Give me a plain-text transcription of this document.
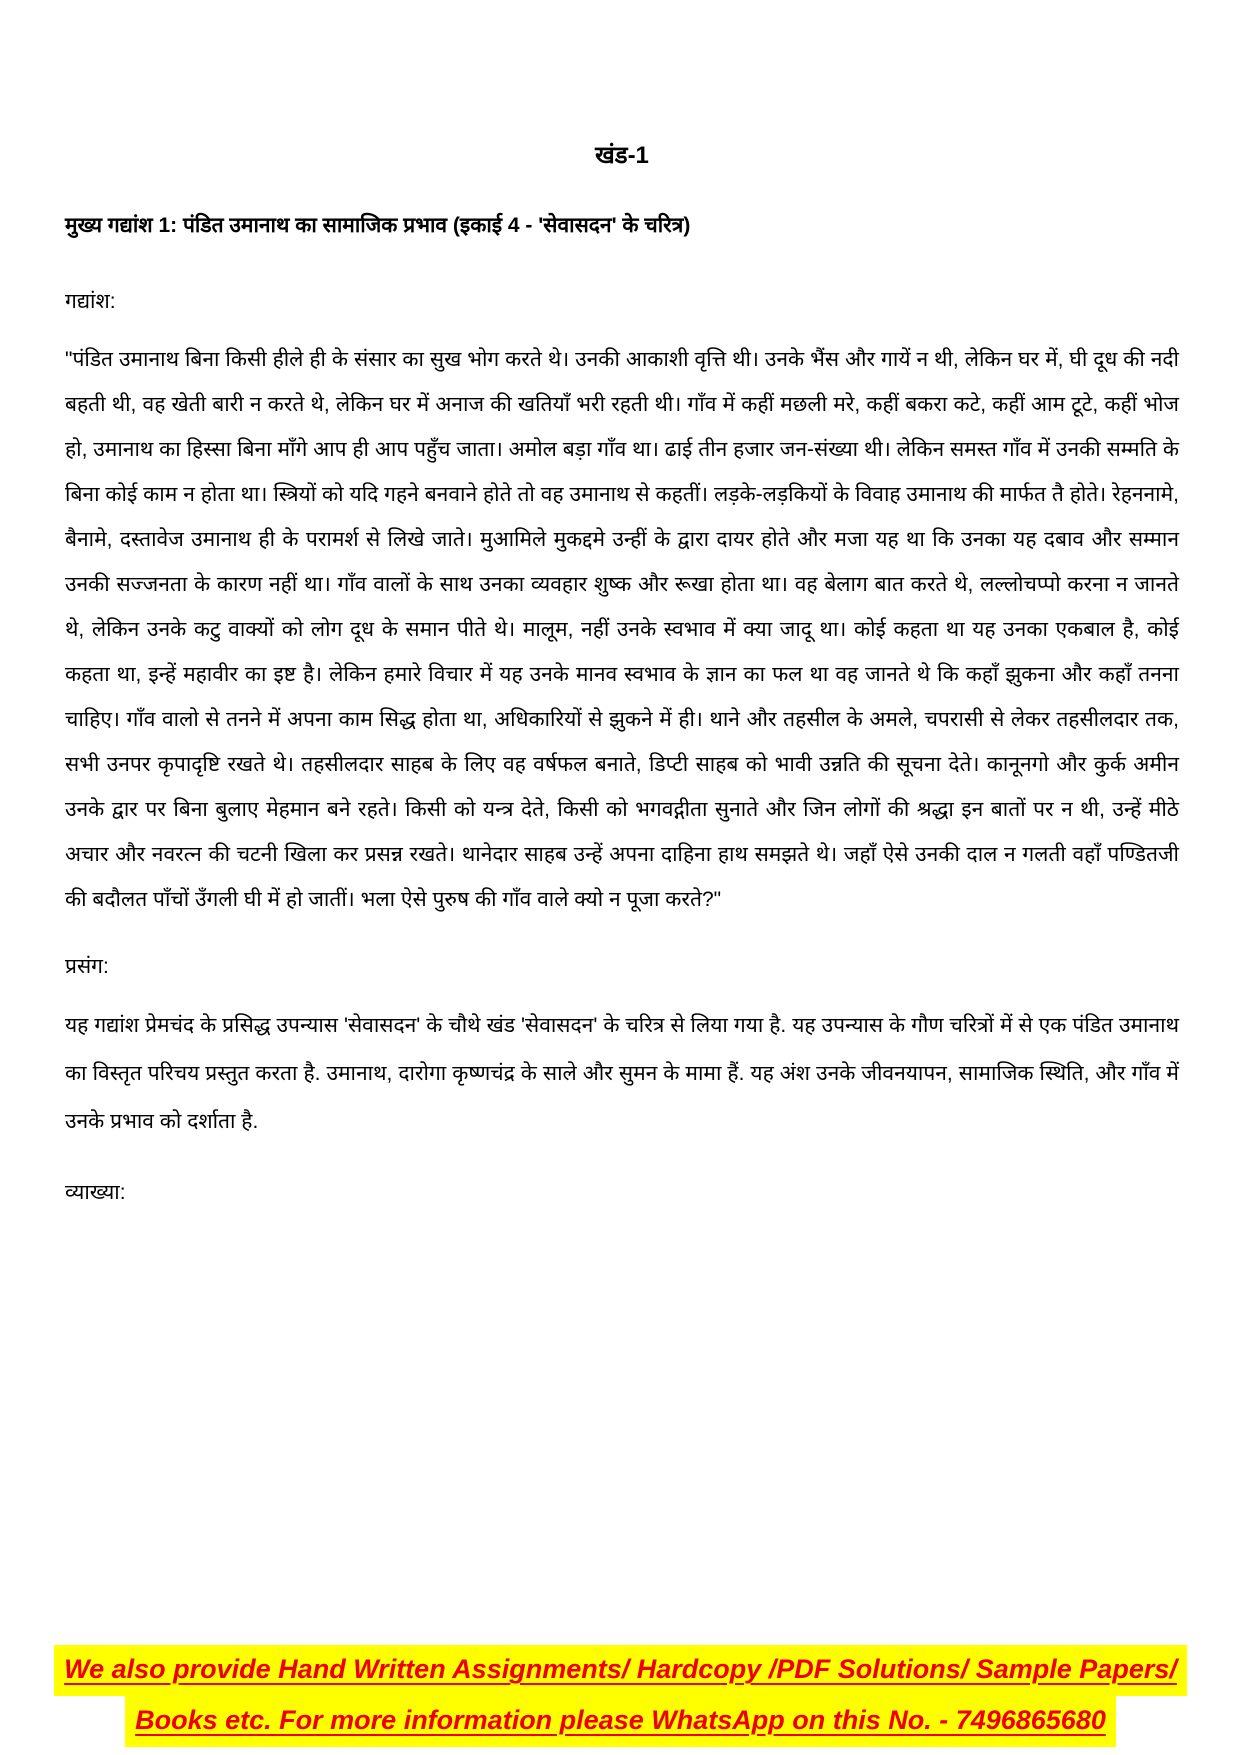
खंड-1
मुख्य गद्यांश 1: पंडित उमानाथ का सामाजिक प्रभाव (इकाई 4 - 'सेवासदन' के चरित्र)
गद्यांश:
"पंडित उमानाथ बिना किसी हीले ही के संसार का सुख भोग करते थे। उनकी आकाशी वृत्ति थी। उनके भैंस और गायें न थी, लेकिन घर में, घी दूध की नदी बहती थी, वह खेती बारी न करते थे, लेकिन घर में अनाज की खतियाँ भरी रहती थी। गाँव में कहीं मछली मरे, कहीं बकरा कटे, कहीं आम टूटे, कहीं भोज हो, उमानाथ का हिस्सा बिना माँगे आप ही आप पहुँच जाता। अमोल बड़ा गाँव था। ढाई तीन हजार जन-संख्या थी। लेकिन समस्त गाँव में उनकी सम्मति के बिना कोई काम न होता था। स्त्रियों को यदि गहने बनवाने होते तो वह उमानाथ से कहतीं। लड़के-लड़कियों के विवाह उमानाथ की मार्फत तै होते। रेहननामे, बैनामे, दस्तावेज उमानाथ ही के परामर्श से लिखे जाते। मुआमिले मुकद्दमे उन्हीं के द्वारा दायर होते और मजा यह था कि उनका यह दबाव और सम्मान उनकी सज्जनता के कारण नहीं था। गाँव वालों के साथ उनका व्यवहार शुष्क और रूखा होता था। वह बेलाग बात करते थे, लल्लोचप्पो करना न जानते थे, लेकिन उनके कटु वाक्यों को लोग दूध के समान पीते थे। मालूम, नहीं उनके स्वभाव में क्या जादू था। कोई कहता था यह उनका एकबाल है, कोई कहता था, इन्हें महावीर का इष्ट है। लेकिन हमारे विचार में यह उनके मानव स्वभाव के ज्ञान का फल था वह जानते थे कि कहाँ झुकना और कहाँ तनना चाहिए। गाँव वालो से तनने में अपना काम सिद्ध होता था, अधिकारियों से झुकने में ही। थाने और तहसील के अमले, चपरासी से लेकर तहसीलदार तक, सभी उनपर कृपादृष्टि रखते थे। तहसीलदार साहब के लिए वह वर्षफल बनाते, डिप्टी साहब को भावी उन्नति की सूचना देते। कानूनगो और कुर्क अमीन उनके द्वार पर बिना बुलाए मेहमान बने रहते। किसी को यन्त्र देते, किसी को भगवद्गीता सुनाते और जिन लोगों की श्रद्धा इन बातों पर न थी, उन्हें मीठे अचार और नवरत्न की चटनी खिला कर प्रसन्न रखते। थानेदार साहब उन्हें अपना दाहिना हाथ समझते थे। जहाँ ऐसे उनकी दाल न गलती वहाँ पण्डितजी की बदौलत पाँचों उँगली घी में हो जातीं। भला ऐसे पुरुष की गाँव वाले क्यो न पूजा करते?"
प्रसंग:
यह गद्यांश प्रेमचंद के प्रसिद्ध उपन्यास 'सेवासदन' के चौथे खंड 'सेवासदन' के चरित्र से लिया गया है. यह उपन्यास के गौण चरित्रों में से एक पंडित उमानाथ का विस्तृत परिचय प्रस्तुत करता है. उमानाथ, दारोगा कृष्णचंद्र के साले और सुमन के मामा हैं. यह अंश उनके जीवनयापन, सामाजिक स्थिति, और गाँव में उनके प्रभाव को दर्शाता है.
व्याख्या:
We also provide Hand Written Assignments/ Hardcopy /PDF Solutions/ Sample Papers/
Books etc. For more information please WhatsApp on this No. - 7496865680
